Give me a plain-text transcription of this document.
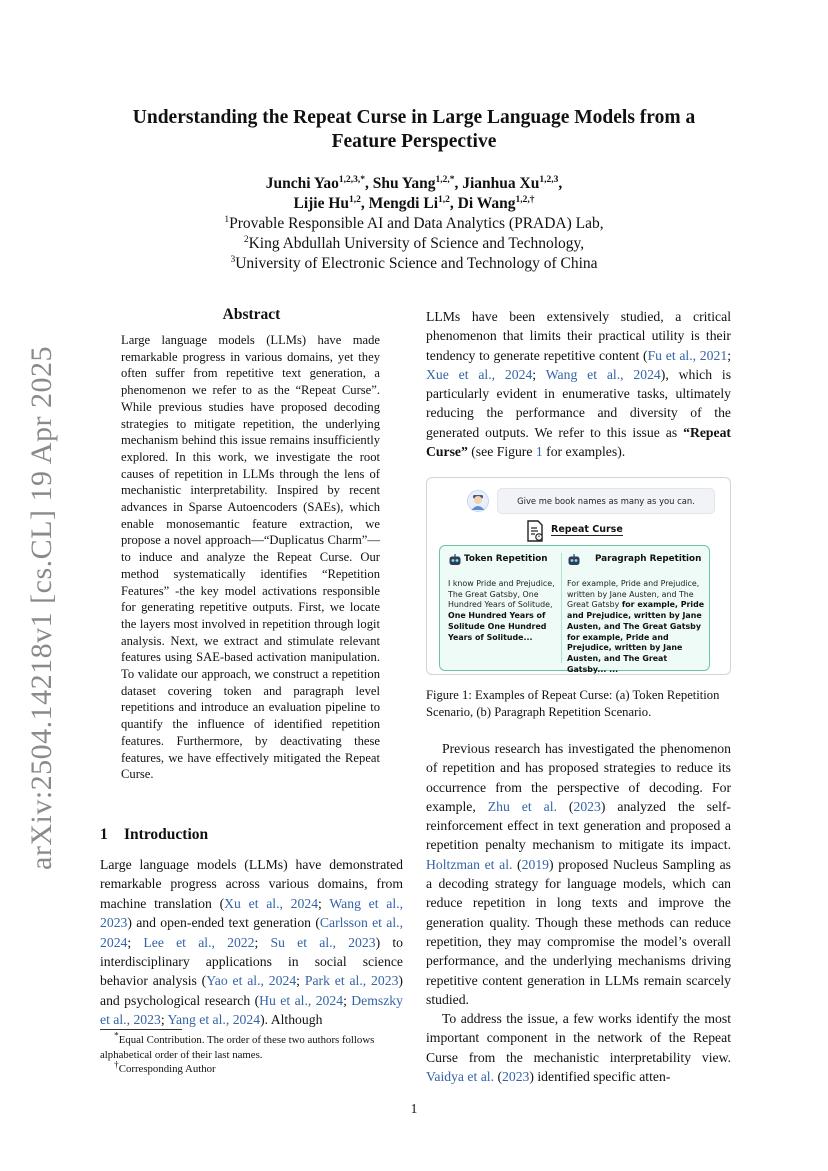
arXiv:2504.14218v1 [cs.CL] 19 Apr 2025
Understanding the Repeat Curse in Large Language Models from a
Feature Perspective
Junchi Yao$^{1,2,3,*}$, Shu Yang$^{1,2,*}$, Jianhua Xu$^{1,2,3}$,
Lijie Hu$^{1,2}$, Mengdi Li$^{1,2}$, Di Wang$^{1,2,\dagger}$
$^1$Provable Responsible AI and Data Analytics (PRADA) Lab,
$^2$King Abdullah University of Science and Technology,
$^3$University of Electronic Science and Technology of China
Abstract
Large language models (LLMs) have made remarkable progress in various domains, yet they often suffer from repetitive text generation, a phenomenon we refer to as the “Repeat Curse”. While previous studies have proposed decoding strategies to mitigate repetition, the underlying mechanism behind this issue remains insufficiently explored. In this work, we investigate the root causes of repetition in LLMs through the lens of mechanistic interpretability. Inspired by recent advances in Sparse Autoencoders (SAEs), which enable monosemantic feature extraction, we propose a novel approach—“Duplicatus Charm”—to induce and analyze the Repeat Curse. Our method systematically identifies “Repetition Features” -the key model activations responsible for generating repetitive outputs. First, we locate the layers most involved in repetition through logit analysis. Next, we extract and stimulate relevant features using SAE-based activation manipulation. To validate our approach, we construct a repetition dataset covering token and paragraph level repetitions and introduce an evaluation pipeline to quantify the influence of identified repetition features. Furthermore, by deactivating these features, we have effectively mitigated the Repeat Curse.
1 Introduction
Large language models (LLMs) have demonstrated remarkable progress across various domains, from machine translation (Xu et al., 2024; Wang et al., 2023) and open-ended text generation (Carlsson et al., 2024; Lee et al., 2022; Su et al., 2023) to interdisciplinary applications in social science behavior analysis (Yao et al., 2024; Park et al., 2023) and psychological research (Hu et al., 2024; Demszky et al., 2023; Yang et al., 2024). Although

*Equal Contribution. The order of these two authors follows alphabetical order of their last names.

†Corresponding Author

LLMs have been extensively studied, a critical phenomenon that limits their practical utility is their tendency to generate repetitive content (Fu et al., 2021; Xue et al., 2024; Wang et al., 2024), which is particularly evident in enumerative tasks, ultimately reducing the performance and diversity of the generated outputs. We refer to this issue as “Repeat Curse” (see Figure 1 for examples).
Give me book names as many as you can.
Repeat Curse
Token Repetition
I know Pride and Prejudice, The Great Gatsby, One Hundred Years of Solitude, One Hundred Years of Solitude One Hundred Years of Solitude...
Paragraph Repetition
For example, Pride and Prejudice, written by Jane Austen, and The Great Gatsby for example, Pride and Prejudice, written by Jane Austen, and The Great Gatsby for example, Pride and Prejudice, written by Jane Austen, and The Great Gatsby... ...
Figure 1: Examples of Repeat Curse: (a) Token Repetition Scenario, (b) Paragraph Repetition Scenario.

Previous research has investigated the phenomenon of repetition and has proposed strategies to reduce its occurrence from the perspective of decoding. For example, Zhu et al. (2023) analyzed the self-reinforcement effect in text generation and proposed a repetition penalty mechanism to mitigate its impact. Holtzman et al. (2019) proposed Nucleus Sampling as a decoding strategy for language models, which can reduce repetition in long texts and improve the generation quality. Though these methods can reduce repetition, they may compromise the model’s overall performance, and the underlying mechanisms driving repetitive content generation in LLMs remain scarcely studied.

To address the issue, a few works identify the most important component in the network of the Repeat Curse from the mechanistic interpretability view. Vaidya et al. (2023) identified specific atten-

1
